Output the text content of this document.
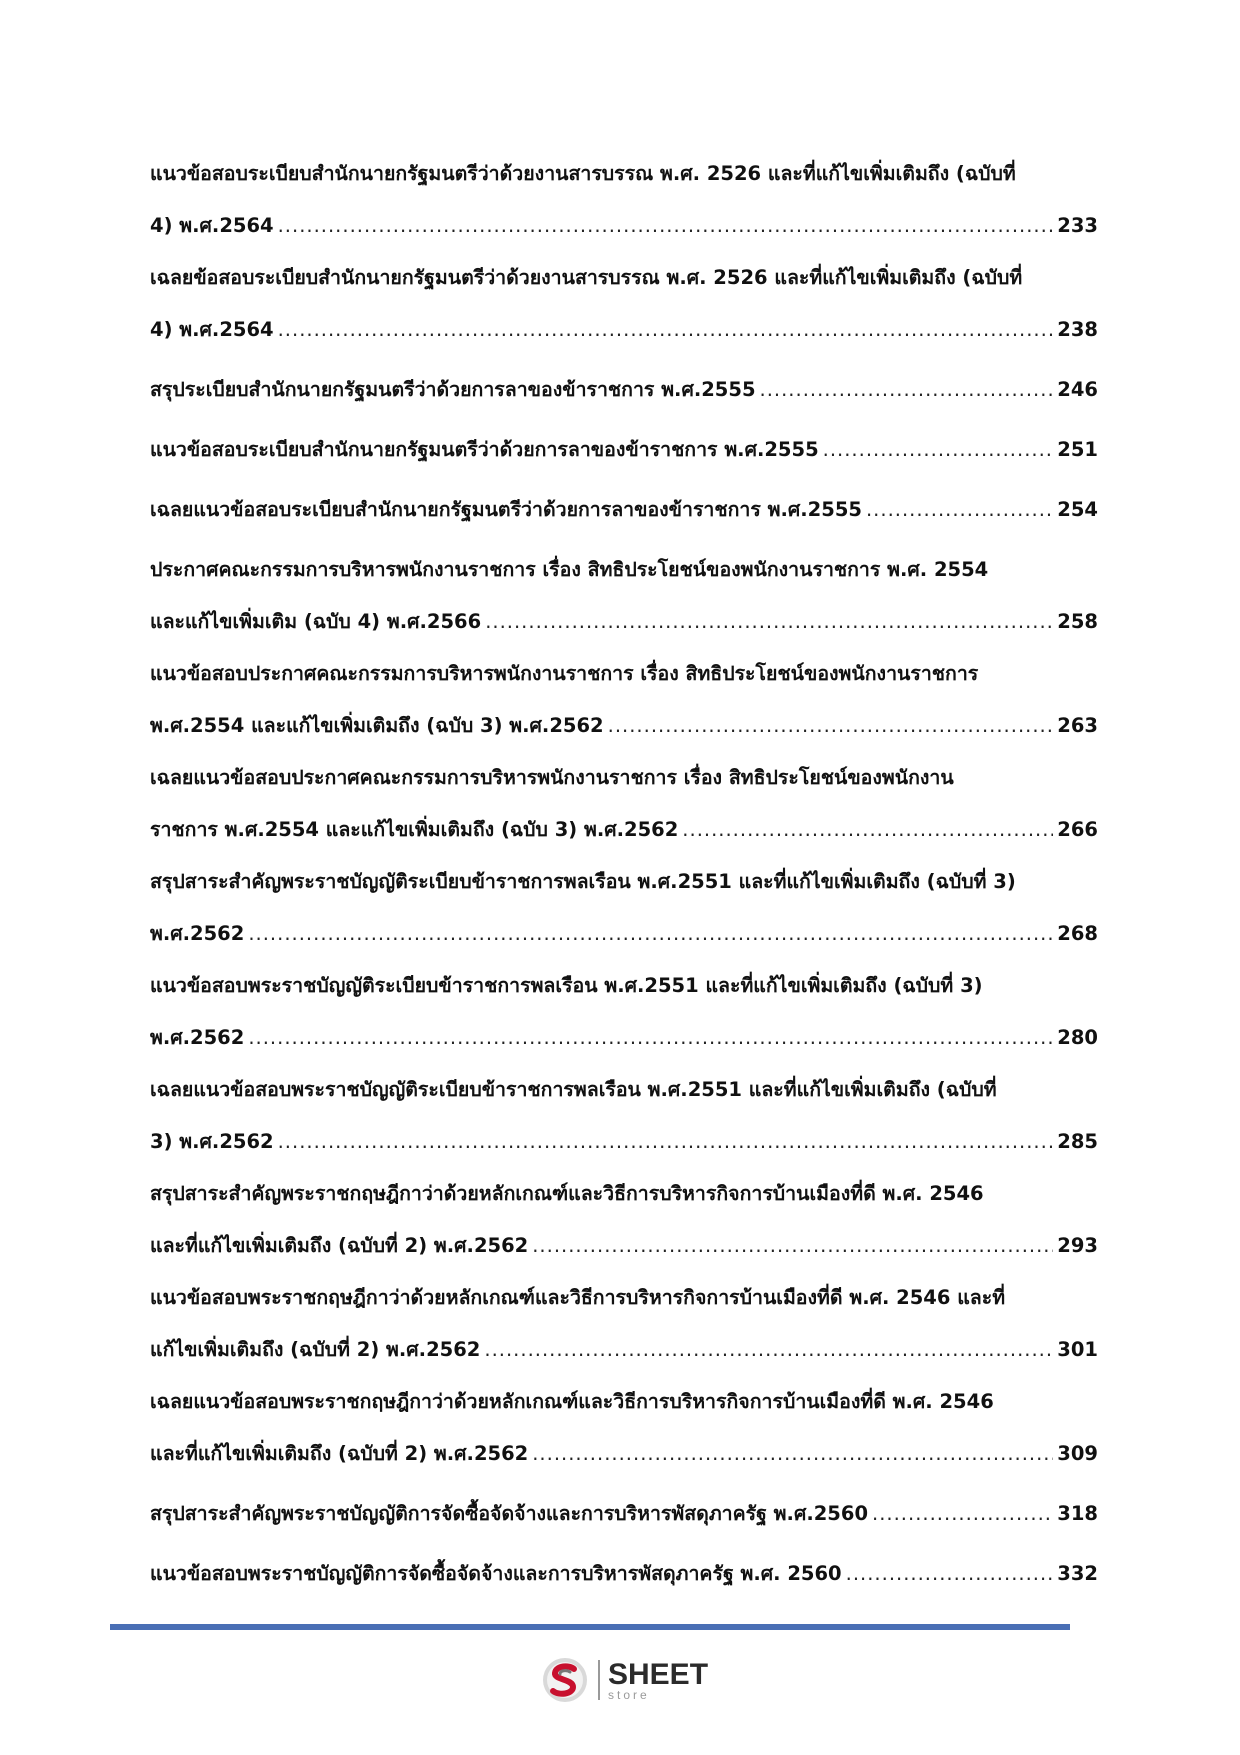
แนวข้อสอบระเบียบสำนักนายกรัฐมนตรีว่าด้วยงานสารบรรณ พ.ศ. 2526 และที่แก้ไขเพิ่มเติมถึง (ฉบับที่
4) พ.ศ.2564 .....	233
เฉลยข้อสอบระเบียบสำนักนายกรัฐมนตรีว่าด้วยงานสารบรรณ พ.ศ. 2526 และที่แก้ไขเพิ่มเติมถึง (ฉบับที่
4) พ.ศ.2564 .....	238
สรุประเบียบสำนักนายกรัฐมนตรีว่าด้วยการลาของข้าราชการ พ.ศ.2555 .....	246
แนวข้อสอบระเบียบสำนักนายกรัฐมนตรีว่าด้วยการลาของข้าราชการ พ.ศ.2555 .....	251
เฉลยแนวข้อสอบระเบียบสำนักนายกรัฐมนตรีว่าด้วยการลาของข้าราชการ พ.ศ.2555 .....	254
ประกาศคณะกรรมการบริหารพนักงานราชการ เรื่อง สิทธิประโยชน์ของพนักงานราชการ พ.ศ. 2554
และแก้ไขเพิ่มเติม (ฉบับ 4) พ.ศ.2566 .....	258
แนวข้อสอบประกาศคณะกรรมการบริหารพนักงานราชการ เรื่อง สิทธิประโยชน์ของพนักงานราชการ
พ.ศ.2554 และแก้ไขเพิ่มเติมถึง (ฉบับ 3) พ.ศ.2562 .....	263
เฉลยแนวข้อสอบประกาศคณะกรรมการบริหารพนักงานราชการ เรื่อง สิทธิประโยชน์ของพนักงาน
ราชการ พ.ศ.2554 และแก้ไขเพิ่มเติมถึง (ฉบับ 3) พ.ศ.2562 .....	266
สรุปสาระสำคัญพระราชบัญญัติระเบียบข้าราชการพลเรือน พ.ศ.2551 และที่แก้ไขเพิ่มเติมถึง (ฉบับที่ 3)
พ.ศ.2562 .....	268
แนวข้อสอบพระราชบัญญัติระเบียบข้าราชการพลเรือน พ.ศ.2551 และที่แก้ไขเพิ่มเติมถึง (ฉบับที่ 3)
พ.ศ.2562 .....	280
เฉลยแนวข้อสอบพระราชบัญญัติระเบียบข้าราชการพลเรือน พ.ศ.2551 และที่แก้ไขเพิ่มเติมถึง (ฉบับที่
3) พ.ศ.2562 .....	285
สรุปสาระสำคัญพระราชกฤษฎีกาว่าด้วยหลักเกณฑ์และวิธีการบริหารกิจการบ้านเมืองที่ดี พ.ศ. 2546
และที่แก้ไขเพิ่มเติมถึง (ฉบับที่ 2) พ.ศ.2562 .....	293
แนวข้อสอบพระราชกฤษฎีกาว่าด้วยหลักเกณฑ์และวิธีการบริหารกิจการบ้านเมืองที่ดี พ.ศ. 2546 และที่
แก้ไขเพิ่มเติมถึง (ฉบับที่ 2) พ.ศ.2562 .....	301
เฉลยแนวข้อสอบพระราชกฤษฎีกาว่าด้วยหลักเกณฑ์และวิธีการบริหารกิจการบ้านเมืองที่ดี พ.ศ. 2546
และที่แก้ไขเพิ่มเติมถึง (ฉบับที่ 2) พ.ศ.2562 .....	309
สรุปสาระสำคัญพระราชบัญญัติการจัดซื้อจัดจ้างและการบริหารพัสดุภาครัฐ พ.ศ.2560 .....	318
แนวข้อสอบพระราชบัญญัติการจัดซื้อจัดจ้างและการบริหารพัสดุภาครัฐ พ.ศ. 2560 .....	332
SHEET
store
